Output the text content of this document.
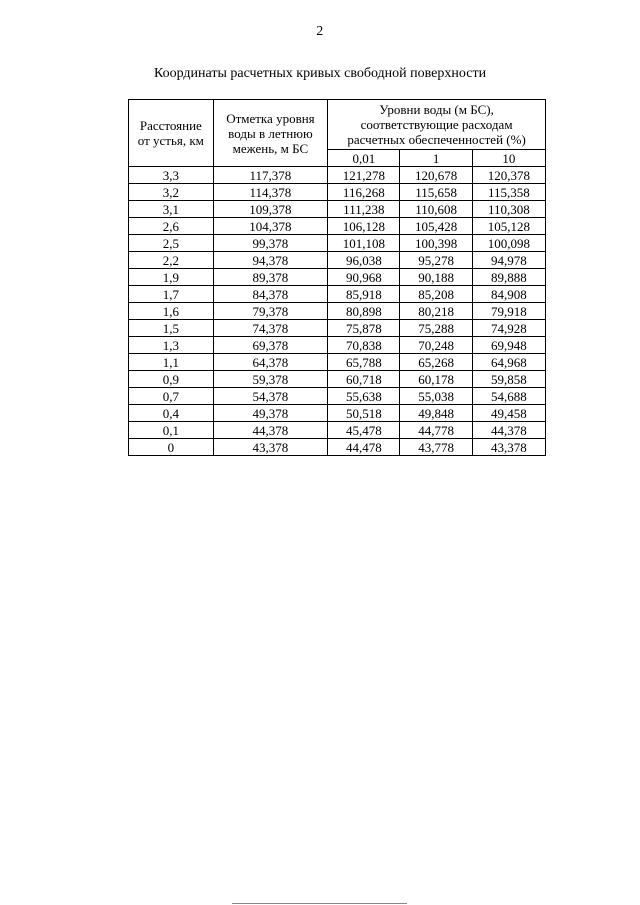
2
Координаты расчетных кривых свободной поверхности
Расстояние от устья, км	Отметка уровня воды в летнюю межень, м БС	Уровни воды (м БС), соответствующие расходам расчетных обеспеченностей (%)		

		0,01	1	10
3,3	117,378	121,278	120,678	120,378
3,2	114,378	116,268	115,658	115,358
3,1	109,378	111,238	110,608	110,308
2,6	104,378	106,128	105,428	105,128
2,5	99,378	101,108	100,398	100,098
2,2	94,378	96,038	95,278	94,978
1,9	89,378	90,968	90,188	89,888
1,7	84,378	85,918	85,208	84,908
1,6	79,378	80,898	80,218	79,918
1,5	74,378	75,878	75,288	74,928
1,3	69,378	70,838	70,248	69,948
1,1	64,378	65,788	65,268	64,968
0,9	59,378	60,718	60,178	59,858
0,7	54,378	55,638	55,038	54,688
0,4	49,378	50,518	49,848	49,458
0,1	44,378	45,478	44,778	44,378
0	43,378	44,478	43,778	43,378
